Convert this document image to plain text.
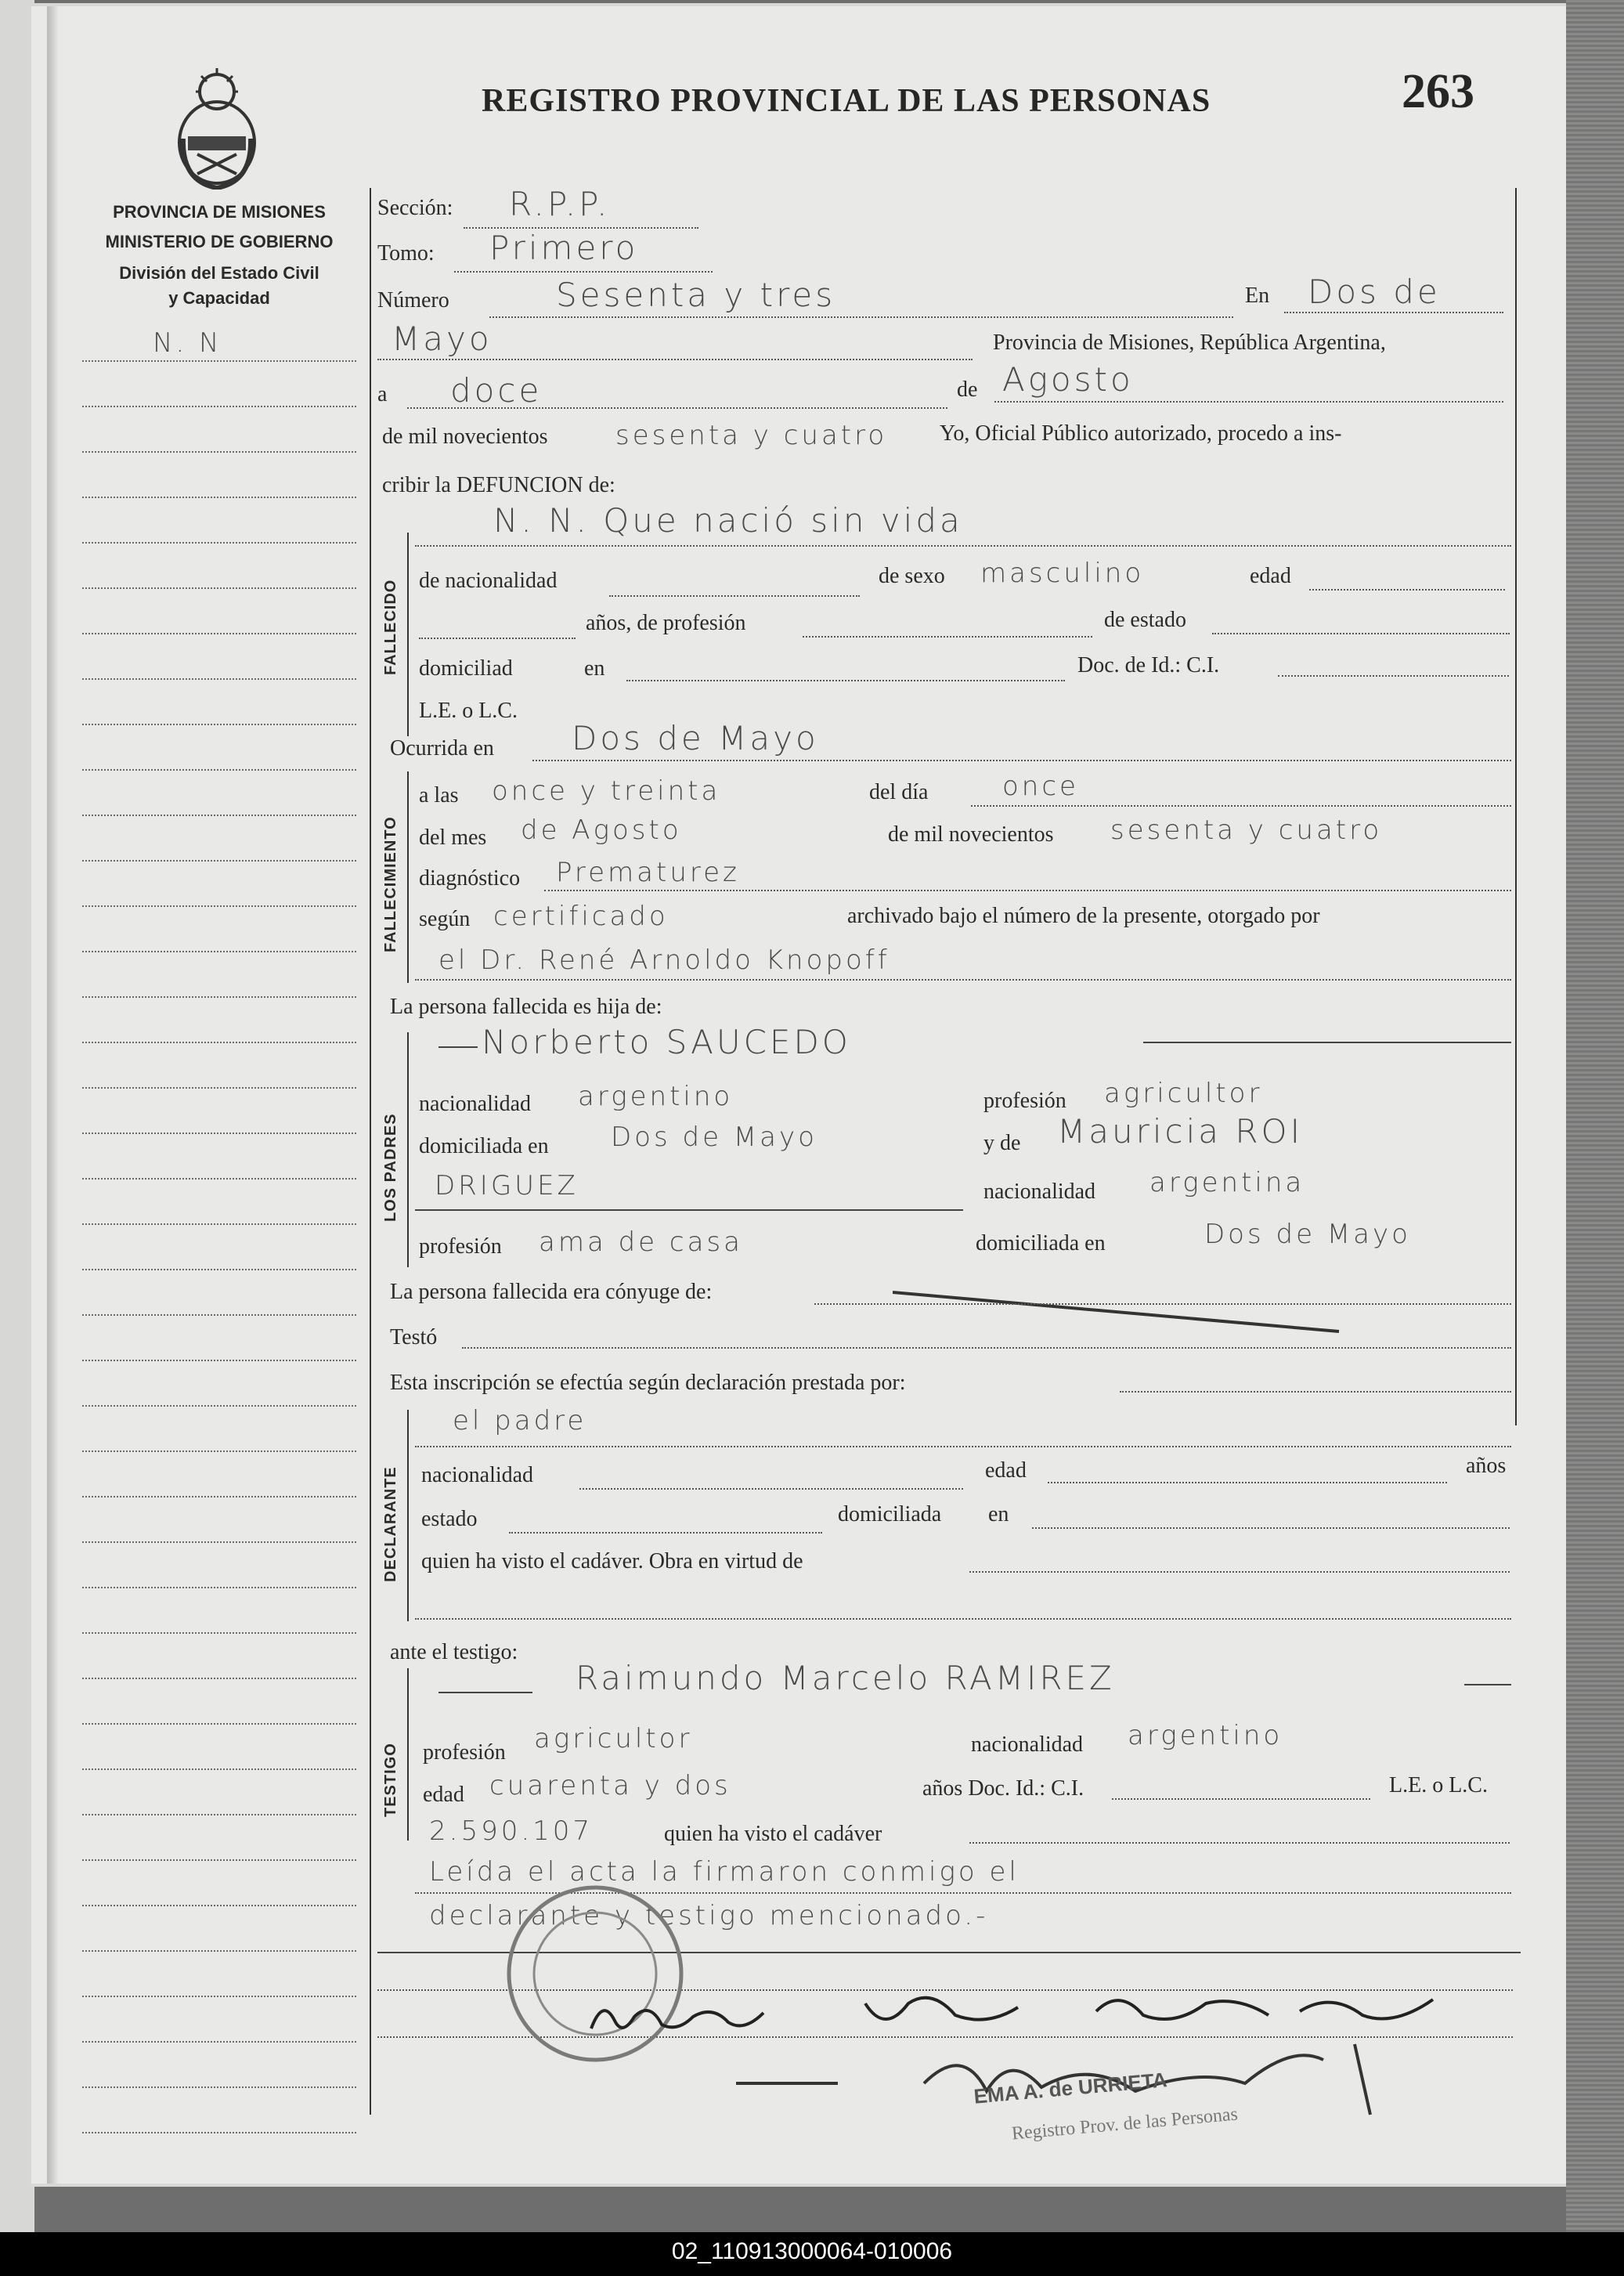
REGISTRO PROVINCIAL DE LAS PERSONAS	263
PROVINCIA DE MISIONES
MINISTERIO DE GOBIERNO
División del Estado Civil
y Capacidad
N. N
Sección: R.P.P.
Tomo: Primero
Número	Sesenta y tres	En Dos de
Mayo	Provincia de Misiones, República Argentina,
a doce	de Agosto
de mil novecientos	sesenta y cuatro Yo, Oficial Público autorizado, procedo a ins-
cribir la DEFUNCION de:
FALLECIDO
N. N. Que nació sin vida
de nacionalidad	de sexo masculino	edad
años, de profesión	de estado
domiciliad	en	Doc. de Id.: C.I.
L.E. o L.C.
Ocurrida en Dos de Mayo
FALLECIMIENTO
a las once y treinta	del día	once
del mes de Agosto	de mil novecientos sesenta y cuatro
diagnóstico Prematurez
según certificado	archivado bajo el número de la presente, otorgado por
el Dr. René Arnoldo Knopoff
La persona fallecida es hija de:
LOS PADRES
Norberto SAUCEDO
nacionalidad argentino	profesión agricultor
domiciliada en Dos de Mayo	y de Mauricia ROI
DRIGUEZ	nacionalidad argentina
profesión ama de casa	domiciliada en	Dos de Mayo
La persona fallecida era cónyuge de:
Testó
Esta inscripción se efectúa según declaración prestada por:
DECLARANTE
el padre
nacionalidad	edad	años
estado	domiciliada en
quien ha visto el cadáver. Obra en virtud de
ante el testigo:
TESTIGO
Raimundo Marcelo RAMIREZ
profesión agricultor	nacionalidad argentino
edad cuarenta y dos	años Doc. Id.: C.I.	L.E. o L.C.
2.590.107	quien ha visto el cadáver
Leída el acta la firmaron conmigo el
declarante y testigo mencionado.-
EMA A. de URRIETA
Registro Prov. de las Personas
02_110913000064-010006
